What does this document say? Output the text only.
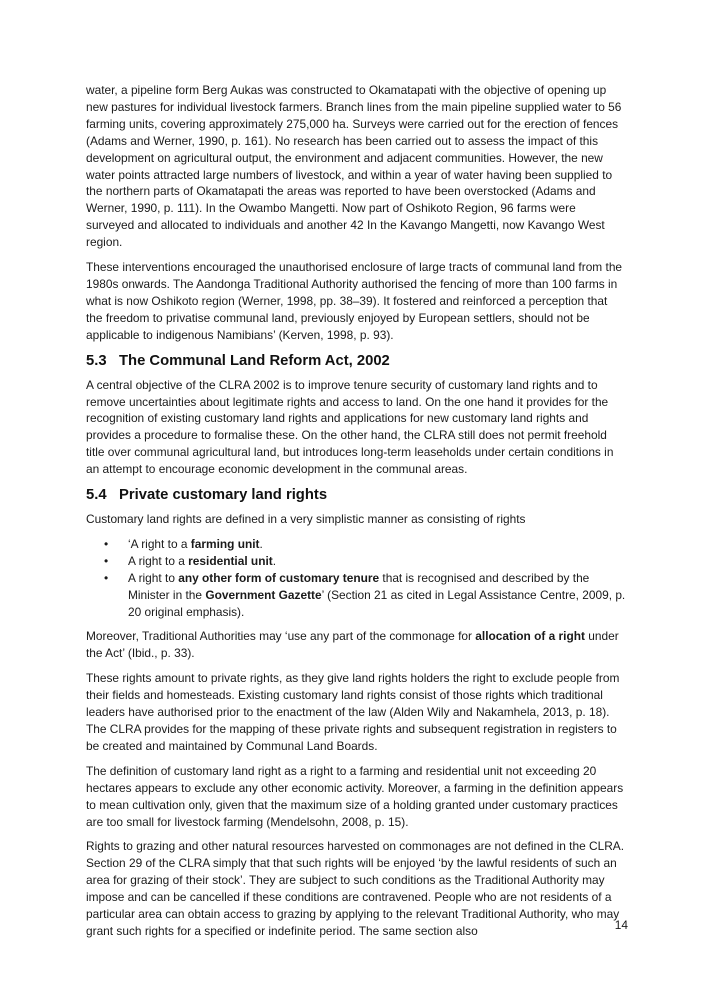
water, a pipeline form Berg Aukas was constructed to Okamatapati with the objective of opening up new pastures for individual livestock farmers. Branch lines from the main pipeline supplied water to 56 farming units, covering approximately 275,000 ha. Surveys were carried out for the erection of fences (Adams and Werner, 1990, p. 161). No research has been carried out to assess the impact of this development on agricultural output, the environment and adjacent communities. However, the new water points attracted large numbers of livestock, and within a year of water having been supplied to the northern parts of Okamatapati the areas was reported to have been overstocked (Adams and Werner, 1990, p. 111). In the Owambo Mangetti. Now part of Oshikoto Region, 96 farms were surveyed and allocated to individuals and another 42 In the Kavango Mangetti, now Kavango West region.

These interventions encouraged the unauthorised enclosure of large tracts of communal land from the 1980s onwards. The Aandonga Traditional Authority authorised the fencing of more than 100 farms in what is now Oshikoto region (Werner, 1998, pp. 38–39). It fostered and reinforced a perception that the freedom to privatise communal land, previously enjoyed by European settlers, should not be applicable to indigenous Namibians’ (Kerven, 1998, p. 93).

5.3 The Communal Land Reform Act, 2002

A central objective of the CLRA 2002 is to improve tenure security of customary land rights and to remove uncertainties about legitimate rights and access to land. On the one hand it provides for the recognition of existing customary land rights and applications for new customary land rights and provides a procedure to formalise these. On the other hand, the CLRA still does not permit freehold title over communal agricultural land, but introduces long-term leaseholds under certain conditions in an attempt to encourage economic development in the communal areas.

5.4 Private customary land rights

Customary land rights are defined in a very simplistic manner as consisting of rights

• ‘A right to a farming unit.
• A right to a residential unit.
• A right to any other form of customary tenure that is recognised and described by the Minister in the Government Gazette’ (Section 21 as cited in Legal Assistance Centre, 2009, p. 20 original emphasis).

Moreover, Traditional Authorities may ‘use any part of the commonage for allocation of a right under the Act’ (Ibid., p. 33).

These rights amount to private rights, as they give land rights holders the right to exclude people from their fields and homesteads. Existing customary land rights consist of those rights which traditional leaders have authorised prior to the enactment of the law (Alden Wily and Nakamhela, 2013, p. 18). The CLRA provides for the mapping of these private rights and subsequent registration in registers to be created and maintained by Communal Land Boards.

The definition of customary land right as a right to a farming and residential unit not exceeding 20 hectares appears to exclude any other economic activity. Moreover, a farming in the definition appears to mean cultivation only, given that the maximum size of a holding granted under customary practices are too small for livestock farming (Mendelsohn, 2008, p. 15).

Rights to grazing and other natural resources harvested on commonages are not defined in the CLRA. Section 29 of the CLRA simply that that such rights will be enjoyed ‘by the lawful residents of such an area for grazing of their stock’. They are subject to such conditions as the Traditional Authority may impose and can be cancelled if these conditions are contravened. People who are not residents of a particular area can obtain access to grazing by applying to the relevant Traditional Authority, who may grant such rights for a specified or indefinite period. The same section also	14
